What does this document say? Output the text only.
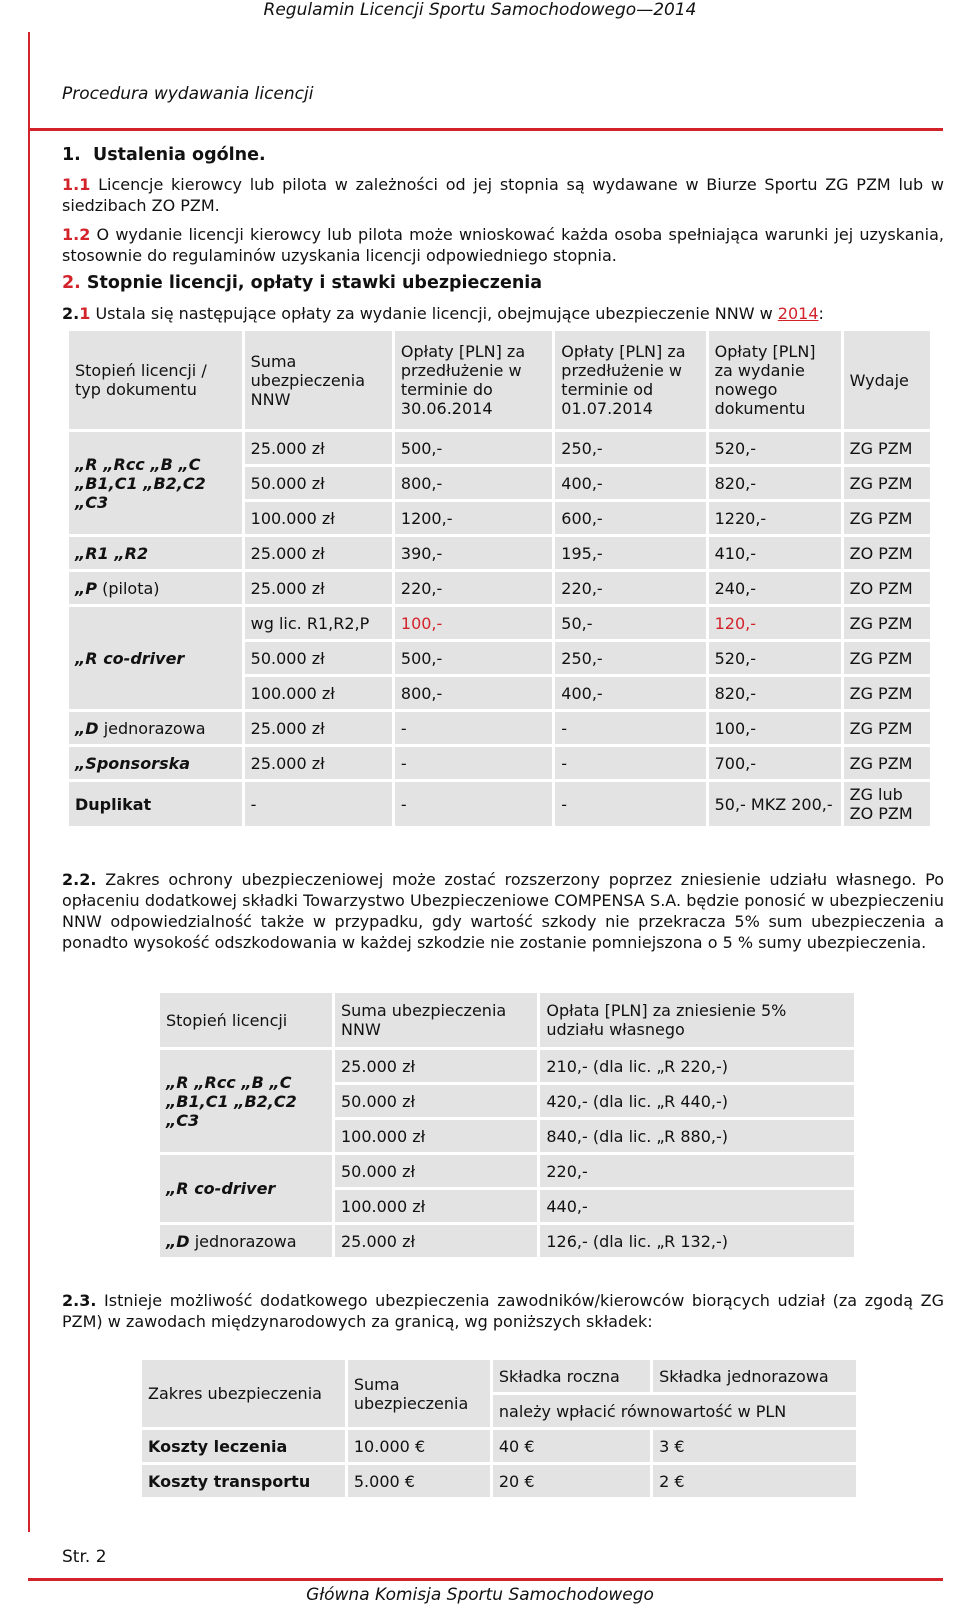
Regulamin Licencji Sportu Samochodowego—2014
Procedura wydawania licencji
1. Ustalenia ogólne.
1.1 Licencje kierowcy lub pilota w zależności od jej stopnia są wydawane w Biurze Sportu ZG PZM lub w siedzibach ZO PZM.
1.2 O wydanie licencji kierowcy lub pilota może wnioskować każda osoba spełniająca warunki jej uzyskania, stosownie do regulaminów uzyskania licencji odpowiedniego stopnia.
2. Stopnie licencji, opłaty i stawki ubezpieczenia
2.1 Ustala się następujące opłaty za wydanie licencji, obejmujące ubezpieczenie NNW w 2014:
Stopień licencji / typ dokumentu	Suma ubezpieczenia NNW	Opłaty [PLN] za przedłużenie w terminie do 30.06.2014	Opłaty [PLN] za przedłużenie w terminie od 01.07.2014	Opłaty [PLN] za wydanie nowego dokumentu	Wydaje
„R „Rcc „B „C „B1,C1 „B2,C2 „C3	25.000 zł	500,-	250,-	520,-	ZG PZM
	50.000 zł	800,-	400,-	820,-	ZG PZM
	100.000 zł	1200,-	600,-	1220,-	ZG PZM
„R1 „R2	25.000 zł	390,-	195,-	410,-	ZO PZM
„P (pilota)	25.000 zł	220,-	220,-	240,-	ZO PZM
„R co-driver	wg lic. R1,R2,P	100,-	50,-	120,-	ZG PZM
	50.000 zł	500,-	250,-	520,-	ZG PZM
	100.000 zł	800,-	400,-	820,-	ZG PZM
„D jednorazowa	25.000 zł	-	-	100,-	ZG PZM
„Sponsorska	25.000 zł	-	-	700,-	ZG PZM
Duplikat	-	-	-	50,- MKZ 200,-	ZG lub ZO PZM
2.2. Zakres ochrony ubezpieczeniowej może zostać rozszerzony poprzez zniesienie udziału własnego. Po opłaceniu dodatkowej składki Towarzystwo Ubezpieczeniowe COMPENSA S.A. będzie ponosić w ubezpieczeniu NNW odpowiedzialność także w przypadku, gdy wartość szkody nie przekracza 5% sum ubezpieczenia a ponadto wysokość odszkodowania w każdej szkodzie nie zostanie pomniejszona o 5 % sumy ubezpieczenia.
Stopień licencji	Suma ubezpieczenia NNW	Opłata [PLN] za zniesienie 5% udziału własnego
„R „Rcc „B „C „B1,C1 „B2,C2 „C3	25.000 zł	210,- (dla lic. „R 220,-)
	50.000 zł	420,- (dla lic. „R 440,-)
	100.000 zł	840,- (dla lic. „R 880,-)
„R co-driver	50.000 zł	220,-
	100.000 zł	440,-
„D jednorazowa	25.000 zł	126,- (dla lic. „R 132,-)
2.3. Istnieje możliwość dodatkowego ubezpieczenia zawodników/kierowców biorących udział (za zgodą ZG PZM) w zawodach międzynarodowych za granicą, wg poniższych składek:
Zakres ubezpieczenia	Suma ubezpieczenia	Składka roczna	Składka jednorazowa
		należy wpłacić równowartość w PLN	
Koszty leczenia	10.000 €	40 €	3 €
Koszty transportu	5.000 €	20 €	2 €
Str. 2
Główna Komisja Sportu Samochodowego
